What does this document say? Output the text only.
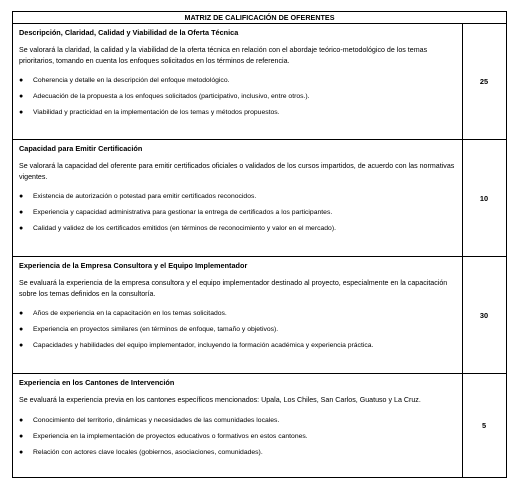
MATRIZ DE CALIFICACIÓN DE OFERENTES

Descripción, Claridad, Calidad y Viabilidad de la Oferta Técnica

Se valorará la claridad, la calidad y la viabilidad de la oferta técnica en relación con el abordaje teórico-metodológico de los temas prioritarios, tomando en cuenta los enfoques solicitados en los términos de referencia.

● Coherencia y detalle en la descripción del enfoque metodológico.
● Adecuación de la propuesta a los enfoques solicitados (participativo, inclusivo, entre otros.).
● Viabilidad y practicidad en la implementación de los temas y métodos propuestos.
25

Capacidad para Emitir Certificación

Se valorará la capacidad del oferente para emitir certificados oficiales o validados de los cursos impartidos, de acuerdo con las normativas vigentes.

● Existencia de autorización o potestad para emitir certificados reconocidos.
● Experiencia y capacidad administrativa para gestionar la entrega de certificados a los participantes.
● Calidad y validez de los certificados emitidos (en términos de reconocimiento y valor en el mercado).
10

Experiencia de la Empresa Consultora y el Equipo Implementador

Se evaluará la experiencia de la empresa consultora y el equipo implementador destinado al proyecto, especialmente en la capacitación sobre los temas definidos en la consultoría.

● Años de experiencia en la capacitación en los temas solicitados.
● Experiencia en proyectos similares (en términos de enfoque, tamaño y objetivos).
● Capacidades y habilidades del equipo implementador, incluyendo la formación académica y experiencia práctica.
30

Experiencia en los Cantones de Intervención

Se evaluará la experiencia previa en los cantones específicos mencionados: Upala, Los Chiles, San Carlos, Guatuso y La Cruz.

● Conocimiento del territorio, dinámicas y necesidades de las comunidades locales.
● Experiencia en la implementación de proyectos educativos o formativos en estos cantones.
● Relación con actores clave locales (gobiernos, asociaciones, comunidades).
5
